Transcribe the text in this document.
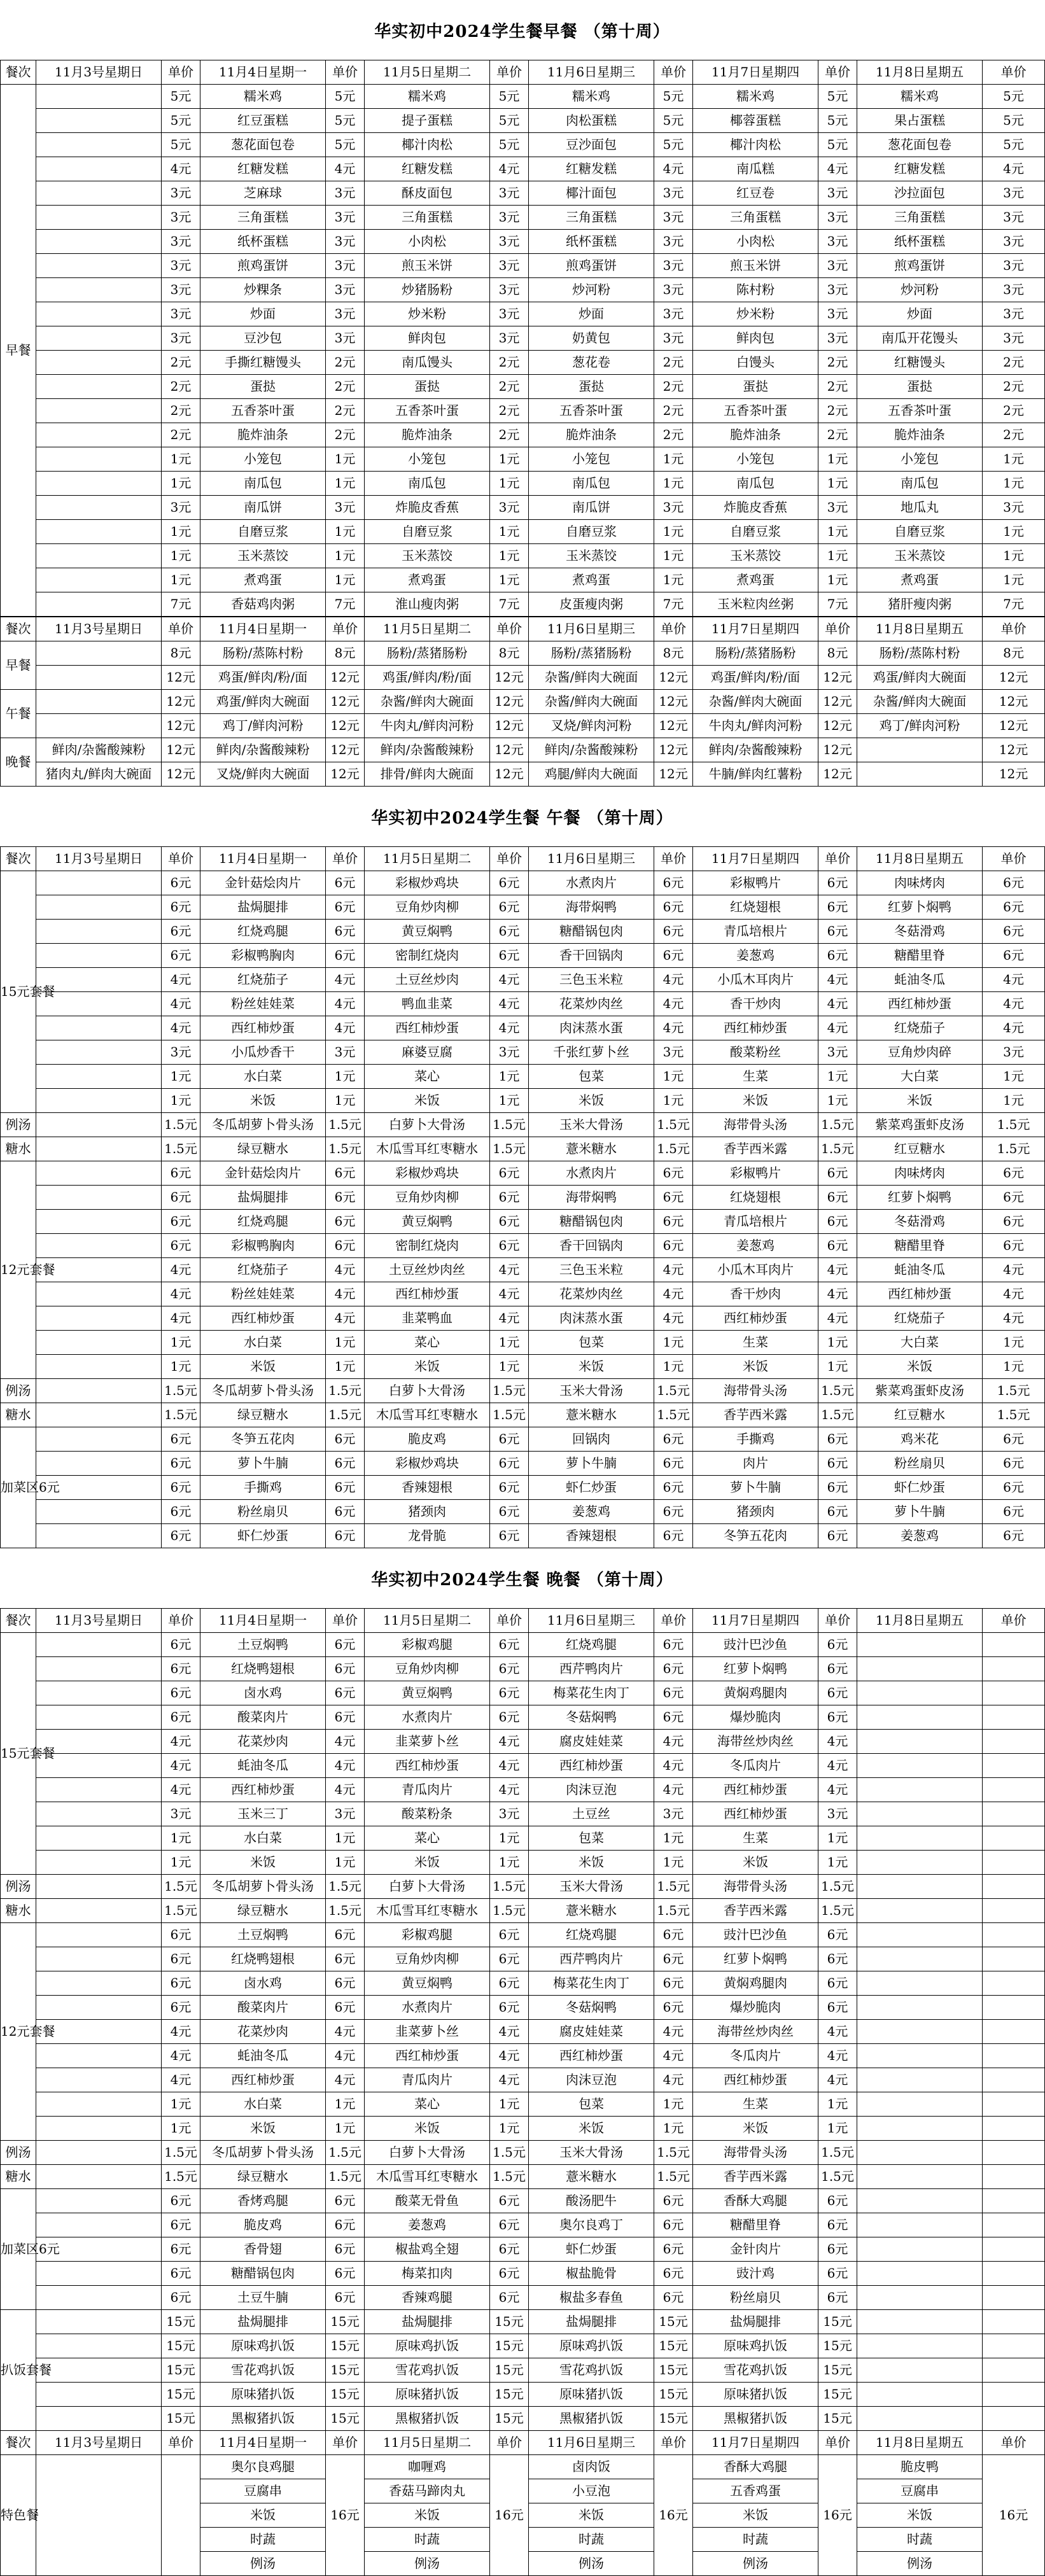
华实初中2024学生餐早餐 （第十周）
餐次	11月3号星期日	单价	11月4日星期一	单价	11月5日星期二	单价	11月6日星期三	单价	11月7日星期四	单价	11月8日星期五	单价
早餐		5元	糯米鸡	5元	糯米鸡	5元	糯米鸡	5元	糯米鸡	5元	糯米鸡	5元
		5元	红豆蛋糕	5元	提子蛋糕	5元	肉松蛋糕	5元	椰蓉蛋糕	5元	果占蛋糕	5元
		5元	葱花面包卷	5元	椰汁肉松	5元	豆沙面包	5元	椰汁肉松	5元	葱花面包卷	5元
		4元	红糖发糕	4元	红糖发糕	4元	红糖发糕	4元	南瓜糕	4元	红糖发糕	4元
		3元	芝麻球	3元	酥皮面包	3元	椰汁面包	3元	红豆卷	3元	沙拉面包	3元
		3元	三角蛋糕	3元	三角蛋糕	3元	三角蛋糕	3元	三角蛋糕	3元	三角蛋糕	3元
		3元	纸杯蛋糕	3元	小肉松	3元	纸杯蛋糕	3元	小肉松	3元	纸杯蛋糕	3元
		3元	煎鸡蛋饼	3元	煎玉米饼	3元	煎鸡蛋饼	3元	煎玉米饼	3元	煎鸡蛋饼	3元
		3元	炒粿条	3元	炒猪肠粉	3元	炒河粉	3元	陈村粉	3元	炒河粉	3元
		3元	炒面	3元	炒米粉	3元	炒面	3元	炒米粉	3元	炒面	3元
		3元	豆沙包	3元	鲜肉包	3元	奶黄包	3元	鲜肉包	3元	南瓜开花馒头	3元
		2元	手撕红糖馒头	2元	南瓜馒头	2元	葱花卷	2元	白馒头	2元	红糖馒头	2元
		2元	蛋挞	2元	蛋挞	2元	蛋挞	2元	蛋挞	2元	蛋挞	2元
		2元	五香茶叶蛋	2元	五香茶叶蛋	2元	五香茶叶蛋	2元	五香茶叶蛋	2元	五香茶叶蛋	2元
		2元	脆炸油条	2元	脆炸油条	2元	脆炸油条	2元	脆炸油条	2元	脆炸油条	2元
		1元	小笼包	1元	小笼包	1元	小笼包	1元	小笼包	1元	小笼包	1元
		1元	南瓜包	1元	南瓜包	1元	南瓜包	1元	南瓜包	1元	南瓜包	1元
		3元	南瓜饼	3元	炸脆皮香蕉	3元	南瓜饼	3元	炸脆皮香蕉	3元	地瓜丸	3元
		1元	自磨豆浆	1元	自磨豆浆	1元	自磨豆浆	1元	自磨豆浆	1元	自磨豆浆	1元
		1元	玉米蒸饺	1元	玉米蒸饺	1元	玉米蒸饺	1元	玉米蒸饺	1元	玉米蒸饺	1元
		1元	煮鸡蛋	1元	煮鸡蛋	1元	煮鸡蛋	1元	煮鸡蛋	1元	煮鸡蛋	1元
		7元	香菇鸡肉粥	7元	淮山瘦肉粥	7元	皮蛋瘦肉粥	7元	玉米粒肉丝粥	7元	猪肝瘦肉粥	7元
餐次	11月3号星期日	单价	11月4日星期一	单价	11月5日星期二	单价	11月6日星期三	单价	11月7日星期四	单价	11月8日星期五	单价
早餐		8元	肠粉/蒸陈村粉	8元	肠粉/蒸猪肠粉	8元	肠粉/蒸猪肠粉	8元	肠粉/蒸猪肠粉	8元	肠粉/蒸陈村粉	8元
		12元	鸡蛋/鲜肉/粉/面	12元	鸡蛋/鲜肉/粉/面	12元	杂酱/鲜肉大碗面	12元	鸡蛋/鲜肉/粉/面	12元	鸡蛋/鲜肉大碗面	12元
午餐		12元	鸡蛋/鲜肉大碗面	12元	杂酱/鲜肉大碗面	12元	杂酱/鲜肉大碗面	12元	杂酱/鲜肉大碗面	12元	杂酱/鲜肉大碗面	12元
		12元	鸡丁/鲜肉河粉	12元	牛肉丸/鲜肉河粉	12元	叉烧/鲜肉河粉	12元	牛肉丸/鲜肉河粉	12元	鸡丁/鲜肉河粉	12元
晚餐	鲜肉/杂酱酸辣粉	12元	鲜肉/杂酱酸辣粉	12元	鲜肉/杂酱酸辣粉	12元	鲜肉/杂酱酸辣粉	12元	鲜肉/杂酱酸辣粉	12元		12元
	猪肉丸/鲜肉大碗面	12元	叉烧/鲜肉大碗面	12元	排骨/鲜肉大碗面	12元	鸡腿/鲜肉大碗面	12元	牛腩/鲜肉红薯粉	12元		12元
华实初中2024学生餐 午餐 （第十周）
餐次	11月3号星期日	单价	11月4日星期一	单价	11月5日星期二	单价	11月6日星期三	单价	11月7日星期四	单价	11月8日星期五	单价
15元套餐		6元	金针菇烩肉片	6元	彩椒炒鸡块	6元	水煮肉片	6元	彩椒鸭片	6元	肉味烤肉	6元
		6元	盐焗腿排	6元	豆角炒肉柳	6元	海带焖鸭	6元	红烧翅根	6元	红萝卜焖鸭	6元
		6元	红烧鸡腿	6元	黄豆焖鸭	6元	糖醋锅包肉	6元	青瓜培根片	6元	冬菇滑鸡	6元
		6元	彩椒鸭胸肉	6元	密制红烧肉	6元	香干回锅肉	6元	姜葱鸡	6元	糖醋里脊	6元
		4元	红烧茄子	4元	土豆丝炒肉	4元	三色玉米粒	4元	小瓜木耳肉片	4元	蚝油冬瓜	4元
		4元	粉丝娃娃菜	4元	鸭血韭菜	4元	花菜炒肉丝	4元	香干炒肉	4元	西红柿炒蛋	4元
		4元	西红柿炒蛋	4元	西红柿炒蛋	4元	肉沫蒸水蛋	4元	西红柿炒蛋	4元	红烧茄子	4元
		3元	小瓜炒香干	3元	麻婆豆腐	3元	千张红萝卜丝	3元	酸菜粉丝	3元	豆角炒肉碎	3元
		1元	水白菜	1元	菜心	1元	包菜	1元	生菜	1元	大白菜	1元
		1元	米饭	1元	米饭	1元	米饭	1元	米饭	1元	米饭	1元
例汤		1.5元	冬瓜胡萝卜骨头汤	1.5元	白萝卜大骨汤	1.5元	玉米大骨汤	1.5元	海带骨头汤	1.5元	紫菜鸡蛋虾皮汤	1.5元
糖水		1.5元	绿豆糖水	1.5元	木瓜雪耳红枣糖水	1.5元	薏米糖水	1.5元	香芋西米露	1.5元	红豆糖水	1.5元
12元套餐		6元	金针菇烩肉片	6元	彩椒炒鸡块	6元	水煮肉片	6元	彩椒鸭片	6元	肉味烤肉	6元
		6元	盐焗腿排	6元	豆角炒肉柳	6元	海带焖鸭	6元	红烧翅根	6元	红萝卜焖鸭	6元
		6元	红烧鸡腿	6元	黄豆焖鸭	6元	糖醋锅包肉	6元	青瓜培根片	6元	冬菇滑鸡	6元
		6元	彩椒鸭胸肉	6元	密制红烧肉	6元	香干回锅肉	6元	姜葱鸡	6元	糖醋里脊	6元
		4元	红烧茄子	4元	土豆丝炒肉丝	4元	三色玉米粒	4元	小瓜木耳肉片	4元	蚝油冬瓜	4元
		4元	粉丝娃娃菜	4元	西红柿炒蛋	4元	花菜炒肉丝	4元	香干炒肉	4元	西红柿炒蛋	4元
		4元	西红柿炒蛋	4元	韭菜鸭血	4元	肉沫蒸水蛋	4元	西红柿炒蛋	4元	红烧茄子	4元
		1元	水白菜	1元	菜心	1元	包菜	1元	生菜	1元	大白菜	1元
		1元	米饭	1元	米饭	1元	米饭	1元	米饭	1元	米饭	1元
例汤		1.5元	冬瓜胡萝卜骨头汤	1.5元	白萝卜大骨汤	1.5元	玉米大骨汤	1.5元	海带骨头汤	1.5元	紫菜鸡蛋虾皮汤	1.5元
糖水		1.5元	绿豆糖水	1.5元	木瓜雪耳红枣糖水	1.5元	薏米糖水	1.5元	香芋西米露	1.5元	红豆糖水	1.5元
加菜区6元		6元	冬笋五花肉	6元	脆皮鸡	6元	回锅肉	6元	手撕鸡	6元	鸡米花	6元
		6元	萝卜牛腩	6元	彩椒炒鸡块	6元	萝卜牛腩	6元	肉片	6元	粉丝扇贝	6元
		6元	手撕鸡	6元	香辣翅根	6元	虾仁炒蛋	6元	萝卜牛腩	6元	虾仁炒蛋	6元
		6元	粉丝扇贝	6元	猪颈肉	6元	姜葱鸡	6元	猪颈肉	6元	萝卜牛腩	6元
		6元	虾仁炒蛋	6元	龙骨脆	6元	香辣翅根	6元	冬笋五花肉	6元	姜葱鸡	6元
华实初中2024学生餐 晚餐 （第十周）
餐次	11月3号星期日	单价	11月4日星期一	单价	11月5日星期二	单价	11月6日星期三	单价	11月7日星期四	单价	11月8日星期五	单价
15元套餐		6元	土豆焖鸭	6元	彩椒鸡腿	6元	红烧鸡腿	6元	豉汁巴沙鱼	6元		
		6元	红烧鸭翅根	6元	豆角炒肉柳	6元	西芹鸭肉片	6元	红萝卜焖鸭	6元		
		6元	卤水鸡	6元	黄豆焖鸭	6元	梅菜花生肉丁	6元	黄焖鸡腿肉	6元		
		6元	酸菜肉片	6元	水煮肉片	6元	冬菇焖鸭	6元	爆炒脆肉	6元		
		4元	花菜炒肉	4元	韭菜萝卜丝	4元	腐皮娃娃菜	4元	海带丝炒肉丝	4元		
		4元	蚝油冬瓜	4元	西红柿炒蛋	4元	西红柿炒蛋	4元	冬瓜肉片	4元		
		4元	西红柿炒蛋	4元	青瓜肉片	4元	肉沫豆泡	4元	西红柿炒蛋	4元		
		3元	玉米三丁	3元	酸菜粉条	3元	土豆丝	3元	西红柿炒蛋	3元		
		1元	水白菜	1元	菜心	1元	包菜	1元	生菜	1元		
		1元	米饭	1元	米饭	1元	米饭	1元	米饭	1元		
例汤		1.5元	冬瓜胡萝卜骨头汤	1.5元	白萝卜大骨汤	1.5元	玉米大骨汤	1.5元	海带骨头汤	1.5元		
糖水		1.5元	绿豆糖水	1.5元	木瓜雪耳红枣糖水	1.5元	薏米糖水	1.5元	香芋西米露	1.5元		
12元套餐		6元	土豆焖鸭	6元	彩椒鸡腿	6元	红烧鸡腿	6元	豉汁巴沙鱼	6元		
		6元	红烧鸭翅根	6元	豆角炒肉柳	6元	西芹鸭肉片	6元	红萝卜焖鸭	6元		
		6元	卤水鸡	6元	黄豆焖鸭	6元	梅菜花生肉丁	6元	黄焖鸡腿肉	6元		
		6元	酸菜肉片	6元	水煮肉片	6元	冬菇焖鸭	6元	爆炒脆肉	6元		
		4元	花菜炒肉	4元	韭菜萝卜丝	4元	腐皮娃娃菜	4元	海带丝炒肉丝	4元		
		4元	蚝油冬瓜	4元	西红柿炒蛋	4元	西红柿炒蛋	4元	冬瓜肉片	4元		
		4元	西红柿炒蛋	4元	青瓜肉片	4元	肉沫豆泡	4元	西红柿炒蛋	4元		
		1元	水白菜	1元	菜心	1元	包菜	1元	生菜	1元		
		1元	米饭	1元	米饭	1元	米饭	1元	米饭	1元		
例汤		1.5元	冬瓜胡萝卜骨头汤	1.5元	白萝卜大骨汤	1.5元	玉米大骨汤	1.5元	海带骨头汤	1.5元		
糖水		1.5元	绿豆糖水	1.5元	木瓜雪耳红枣糖水	1.5元	薏米糖水	1.5元	香芋西米露	1.5元		
加菜区6元		6元	香烤鸡腿	6元	酸菜无骨鱼	6元	酸汤肥牛	6元	香酥大鸡腿	6元		
		6元	脆皮鸡	6元	姜葱鸡	6元	奥尔良鸡丁	6元	糖醋里脊	6元		
		6元	香骨翅	6元	椒盐鸡全翅	6元	虾仁炒蛋	6元	金针肉片	6元		
		6元	糖醋锅包肉	6元	梅菜扣肉	6元	椒盐脆骨	6元	豉汁鸡	6元		
		6元	土豆牛腩	6元	香辣鸡腿	6元	椒盐多春鱼	6元	粉丝扇贝	6元		
扒饭套餐		15元	盐焗腿排	15元	盐焗腿排	15元	盐焗腿排	15元	盐焗腿排	15元		
		15元	原味鸡扒饭	15元	原味鸡扒饭	15元	原味鸡扒饭	15元	原味鸡扒饭	15元		
		15元	雪花鸡扒饭	15元	雪花鸡扒饭	15元	雪花鸡扒饭	15元	雪花鸡扒饭	15元		
		15元	原味猪扒饭	15元	原味猪扒饭	15元	原味猪扒饭	15元	原味猪扒饭	15元		
		15元	黑椒猪扒饭	15元	黑椒猪扒饭	15元	黑椒猪扒饭	15元	黑椒猪扒饭	15元		
餐次	11月3号星期日	单价	11月4日星期一	单价	11月5日星期二	单价	11月6日星期三	单价	11月7日星期四	单价	11月8日星期五	单价
特色餐			奥尔良鸡腿	16元	咖喱鸡	16元	卤肉饭	16元	香酥大鸡腿	16元	脆皮鸭	16元
			豆腐串		香菇马蹄肉丸		小豆泡		五香鸡蛋		豆腐串	
			米饭		米饭		米饭		米饭		米饭	
			时蔬		时蔬		时蔬		时蔬		时蔬	
			例汤		例汤		例汤		例汤		例汤	
